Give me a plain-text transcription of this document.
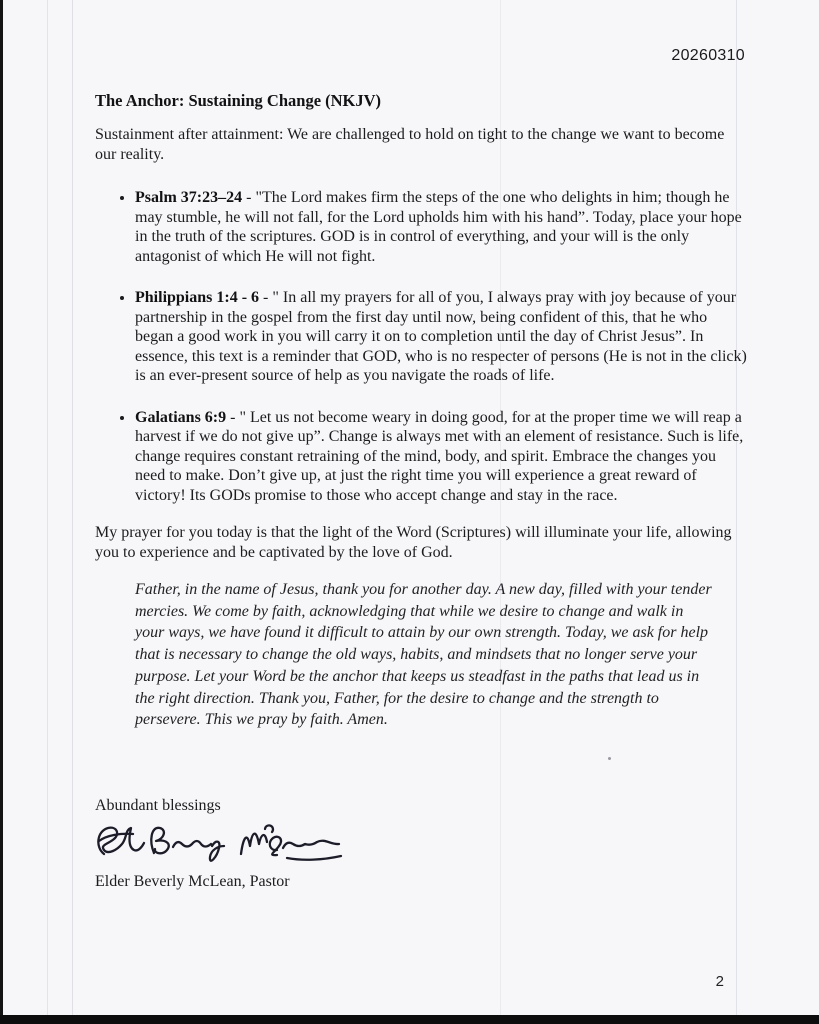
20260310
The Anchor: Sustaining Change (NKJV)

Sustainment after attainment: We are challenged to hold on tight to the change we want to become our reality.

• Psalm 37:23–24 - "The Lord makes firm the steps of the one who delights in him; though he may stumble, he will not fall, for the Lord upholds him with his hand”. Today, place your hope in the truth of the scriptures. GOD is in control of everything, and your will is the only antagonist of which He will not fight.
• Philippians 1:4 - 6 - " In all my prayers for all of you, I always pray with joy because of your partnership in the gospel from the first day until now, being confident of this, that he who began a good work in you will carry it on to completion until the day of Christ Jesus”. In essence, this text is a reminder that GOD, who is no respecter of persons (He is not in the click) is an ever-present source of help as you navigate the roads of life.
• Galatians 6:9 - " Let us not become weary in doing good, for at the proper time we will reap a harvest if we do not give up”. Change is always met with an element of resistance. Such is life, change requires constant retraining of the mind, body, and spirit. Embrace the changes you need to make. Don’t give up, at just the right time you will experience a great reward of victory! Its GODs promise to those who accept change and stay in the race.

My prayer for you today is that the light of the Word (Scriptures) will illuminate your life, allowing you to experience and be captivated by the love of God.

Father, in the name of Jesus, thank you for another day. A new day, filled with your tender mercies. We come by faith, acknowledging that while we desire to change and walk in your ways, we have found it difficult to attain by our own strength. Today, we ask for help that is necessary to change the old ways, habits, and mindsets that no longer serve your purpose. Let your Word be the anchor that keeps us steadfast in the paths that lead us in the right direction. Thank you, Father, for the desire to change and the strength to persevere. This we pray by faith. Amen.

Abundant blessings

Elder Beverly McLean, Pastor

2
